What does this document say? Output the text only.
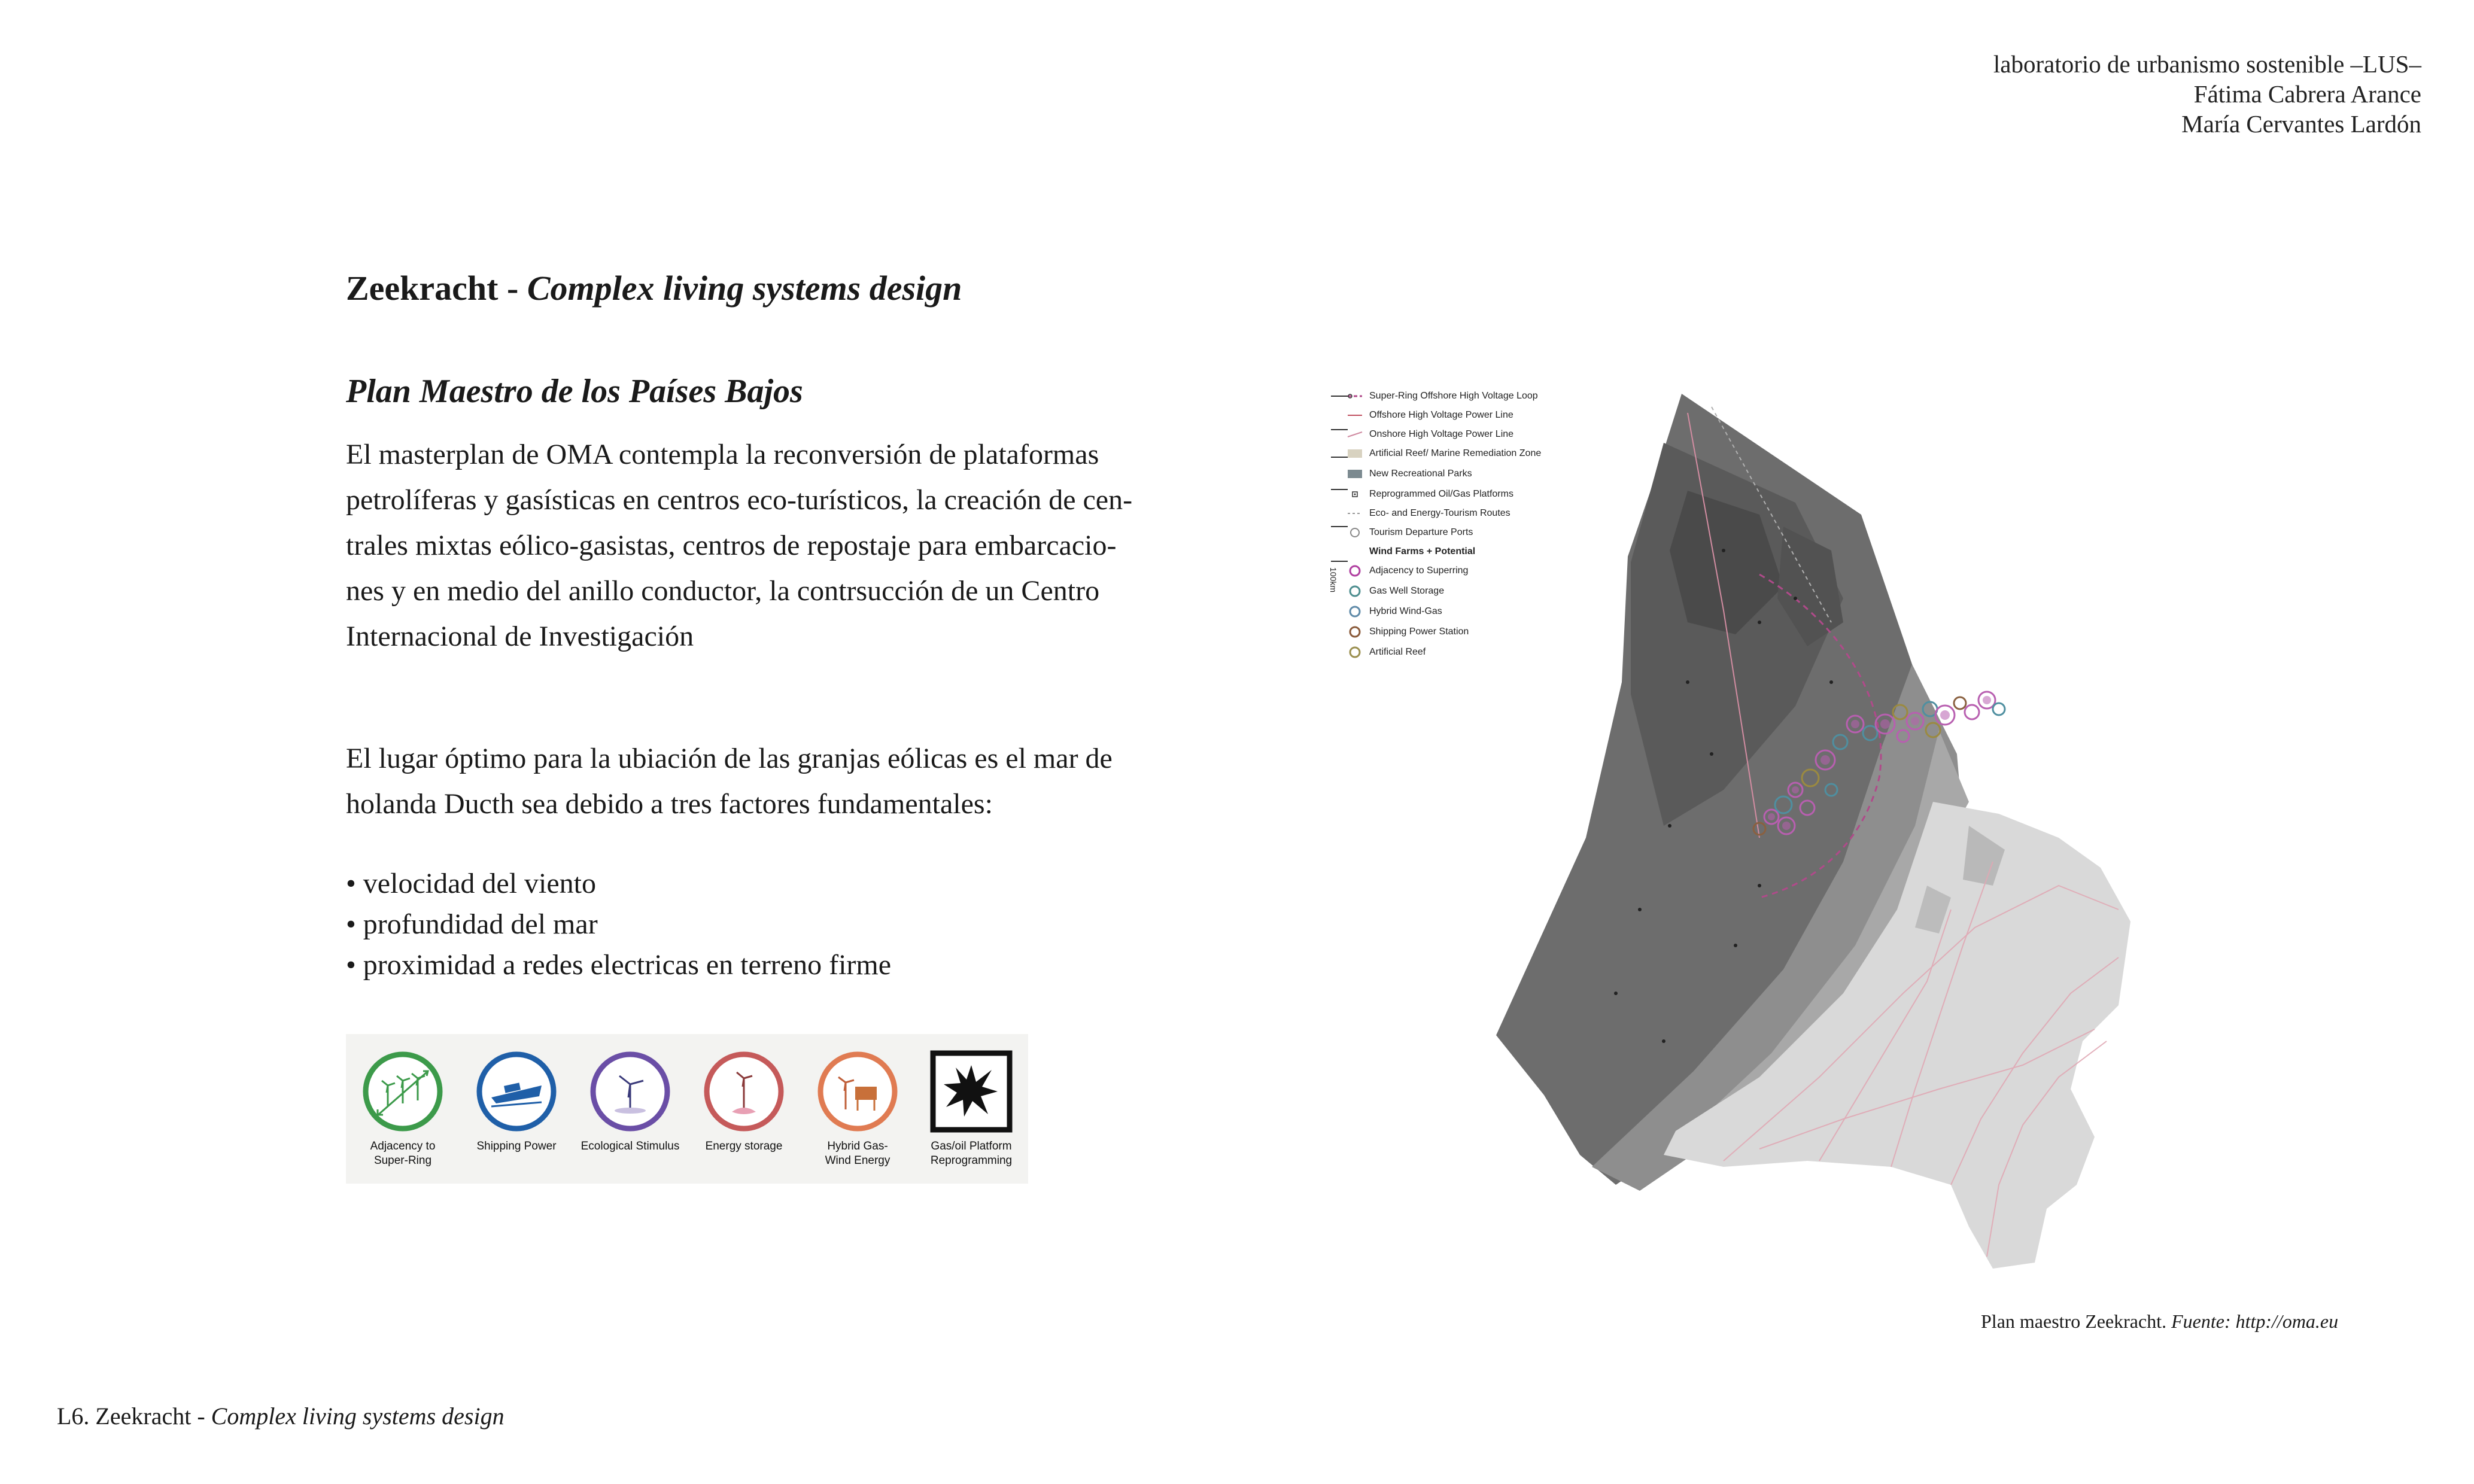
laboratorio de urbanismo sostenible –LUS–
Fátima Cabrera Arance
María Cervantes Lardón
Zeekracht - Complex living systems design
Plan Maestro de los Países Bajos
El masterplan de OMA contempla la reconversión de plataformas
petrolíferas y gasísticas en centros eco-turísticos, la creación de cen-
trales mixtas eólico-gasistas, centros de repostaje para embarcacio-
nes y en medio del anillo conductor, la contrsucción de un Centro
Internacional de Investigación
El lugar óptimo para la ubiación de las granjas eólicas es el mar de
holanda Ducth sea debido a tres factores fundamentales:
• velocidad del viento
• profundidad del mar
• proximidad a redes electricas en terreno firme
Adjacency to
Super-Ring
Shipping Power	Ecological Stimulus	Energy storage	Hybrid Gas-
Wind Energy
Gas/oil Platform
Reprogramming
Super-Ring Offshore High Voltage Loop
Offshore High Voltage Power Line
Onshore High Voltage Power Line
Artificial Reef/ Marine Remediation Zone
New Recreational Parks
Reprogrammed Oil/Gas Platforms
Eco- and Energy-Tourism Routes
Tourism Departure Ports
Wind Farms + Potential
Adjacency to Superring
Gas Well Storage
Hybrid Wind-Gas
Shipping Power Station
Artificial Reef
100km
Plan maestro Zeekracht. Fuente: http://oma.eu
L6. Zeekracht - Complex living systems design
